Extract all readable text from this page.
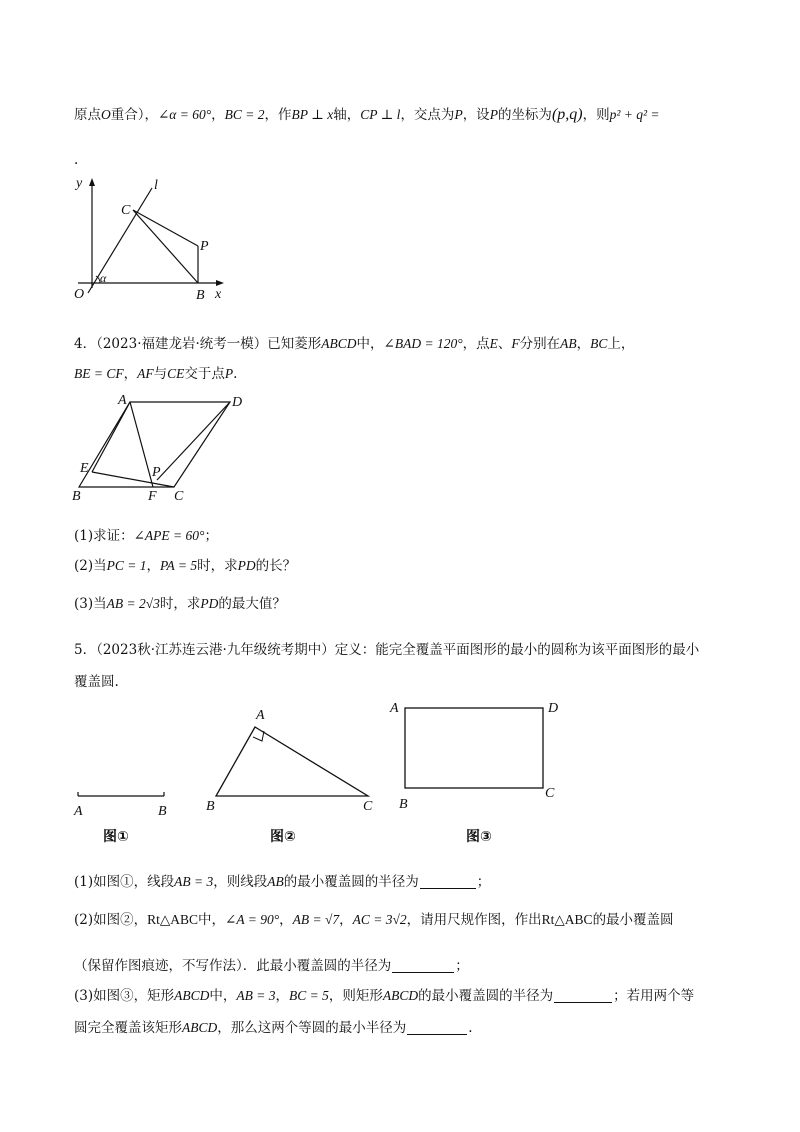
原点O重合），∠α = 60°，BC = 2，作BP ⊥ x轴，CP ⊥ l，交点为P，设P的坐标为(p,q)，则p² + q² =
.
y	l
C
P
α
O	B x
4．（2023·福建龙岩·统考一模）已知菱形ABCD中，∠BAD = 120°，点E、F分别在AB，BC上，
BE = CF，AF与CE交于点P.
A	D
E	P
B	F C
(1)求证：∠APE = 60°；
(2)当PC = 1，PA = 5时，求PD的长？
(3)当AB = 2√3时，求PD的最大值？
5．（2023秋·江苏连云港·九年级统考期中）定义：能完全覆盖平面图形的最小的圆称为该平面图形的最小
覆盖圆.
A	B
A
B	C
A	D
B
C
图①	图②	图③
(1)如图①，线段AB = 3，则线段AB的最小覆盖圆的半径为	；
(2)如图②，Rt△ABC中，∠A = 90°，AB = √7，AC = 3√2，请用尺规作图，作出Rt△ABC的最小覆盖圆
（保留作图痕迹，不写作法）．此最小覆盖圆的半径为	；
(3)如图③，矩形ABCD中，AB = 3，BC = 5，则矩形ABCD的最小覆盖圆的半径为	；若用两个等
圆完全覆盖该矩形ABCD，那么这两个等圆的最小半径为	.
